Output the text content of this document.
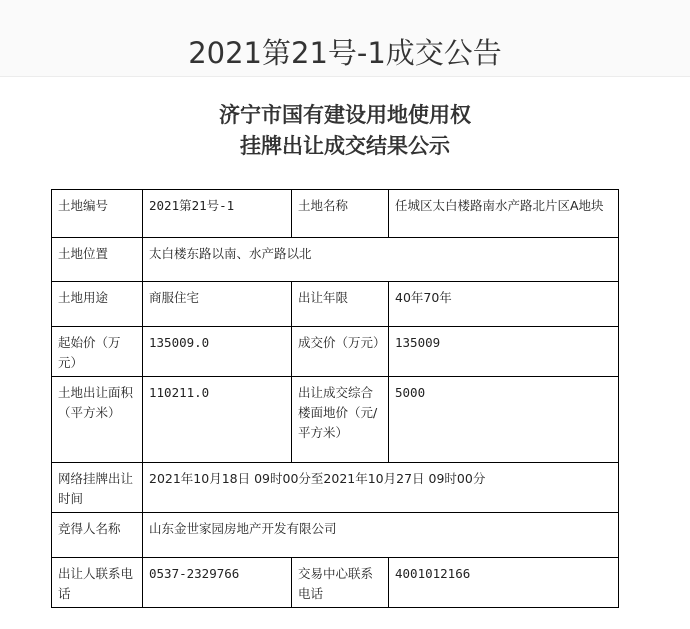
2021第21号-1成交公告
济宁市国有建设用地使用权
挂牌出让成交结果公示
土地编号	2021第21号-1	土地名称	任城区太白楼路南水产路北片区A地块
土地位置	太白楼东路以南、水产路以北		
土地用途	商服住宅	出让年限	40年70年
起始价（万元）	135009.0	成交价（万元）	135009
土地出让面积（平方米）	110211.0	出让成交综合楼面地价（元/平方米）	5000
网络挂牌出让时间	2021年10月18日 09时00分至2021年10月27日 09时00分		
竞得人名称	山东金世家园房地产开发有限公司		
出让人联系电话	0537-2329766	交易中心联系电话	4001012166
